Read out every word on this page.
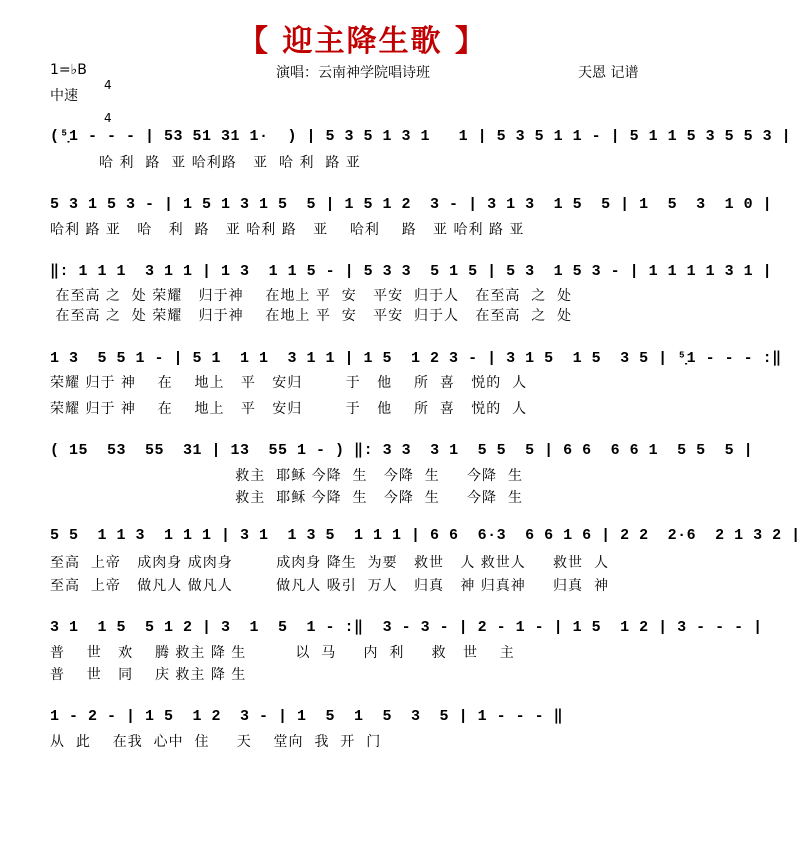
【 迎主降生歌 】
1=♭B

4

4

演唱：云南神学院唱诗班	天恩 记谱
中速
(⁵̣1 - - - | 53 51 31 1·  ) | 5 3 5 1 3 1   1 | 5 3 5 1 1 - | 5 1 1 5 3 5 5 3 |
哈 利  路  亚 哈利路   亚  哈 利  路 亚
5 3 1 5 3 - | 1 5 1 3 1 5  5 | 1 5 1 2  3 - | 3 1 3  1 5  5 | 1  5  3  1 0 |
哈利 路 亚   哈   利  路   亚 哈利 路   亚    哈利    路   亚 哈利 路 亚
‖: 1 1 1  3 1 1 | 1 3  1 1 5 - | 5 3 3  5 1 5 | 5 3  1 5 3 - | 1 1 1 1 3 1 |
在至高 之  处 荣耀   归于神    在地上 平  安   平安  归于人   在至高  之  处
在至高 之  处 荣耀   归于神    在地上 平  安   平安  归于人   在至高  之  处
1 3  5 5 1 - | 5 1  1 1  3 1 1 | 1 5  1 2 3 - | 3 1 5  1 5  3 5 | ⁵̣1 - - - :‖
荣耀 归于 神    在    地上   平   安归        于   他    所  喜   悦的  人
荣耀 归于 神    在    地上   平   安归        于   他    所  喜   悦的  人
( 15  53  55  31 | 13  55 1 - ) ‖: 3 3  3 1  5 5  5 | 6 6  6 6 1  5 5  5 |
救主  耶稣 今降  生   今降  生     今降  生
救主  耶稣 今降  生   今降  生     今降  生
5 5  1 1 3  1 1 1 | 3 1  1 3 5  1 1 1 | 6 6  6·3  6 6 1 6 | 2 2  2·6  2 1 3 2 |
至高  上帝   成肉身 成肉身        成肉身 降生  为要   救世   人 救世人     救世  人
至高  上帝   做凡人 做凡人        做凡人 吸引  万人   归真   神 归真神     归真  神
3 1  1 5  5 1 2 | 3  1  5  1 - :‖  3 - 3 - | 2 - 1 - | 1 5  1 2 | 3 - - - |
普    世   欢    腾 救主 降 生         以  马     内  利     救   世    主
普    世   同    庆 救主 降 生
1 - 2 - | 1 5  1 2  3 - | 1  5  1  5  3  5 | 1 - - - ‖
从  此    在我  心中  住     天    堂向  我  开  门
